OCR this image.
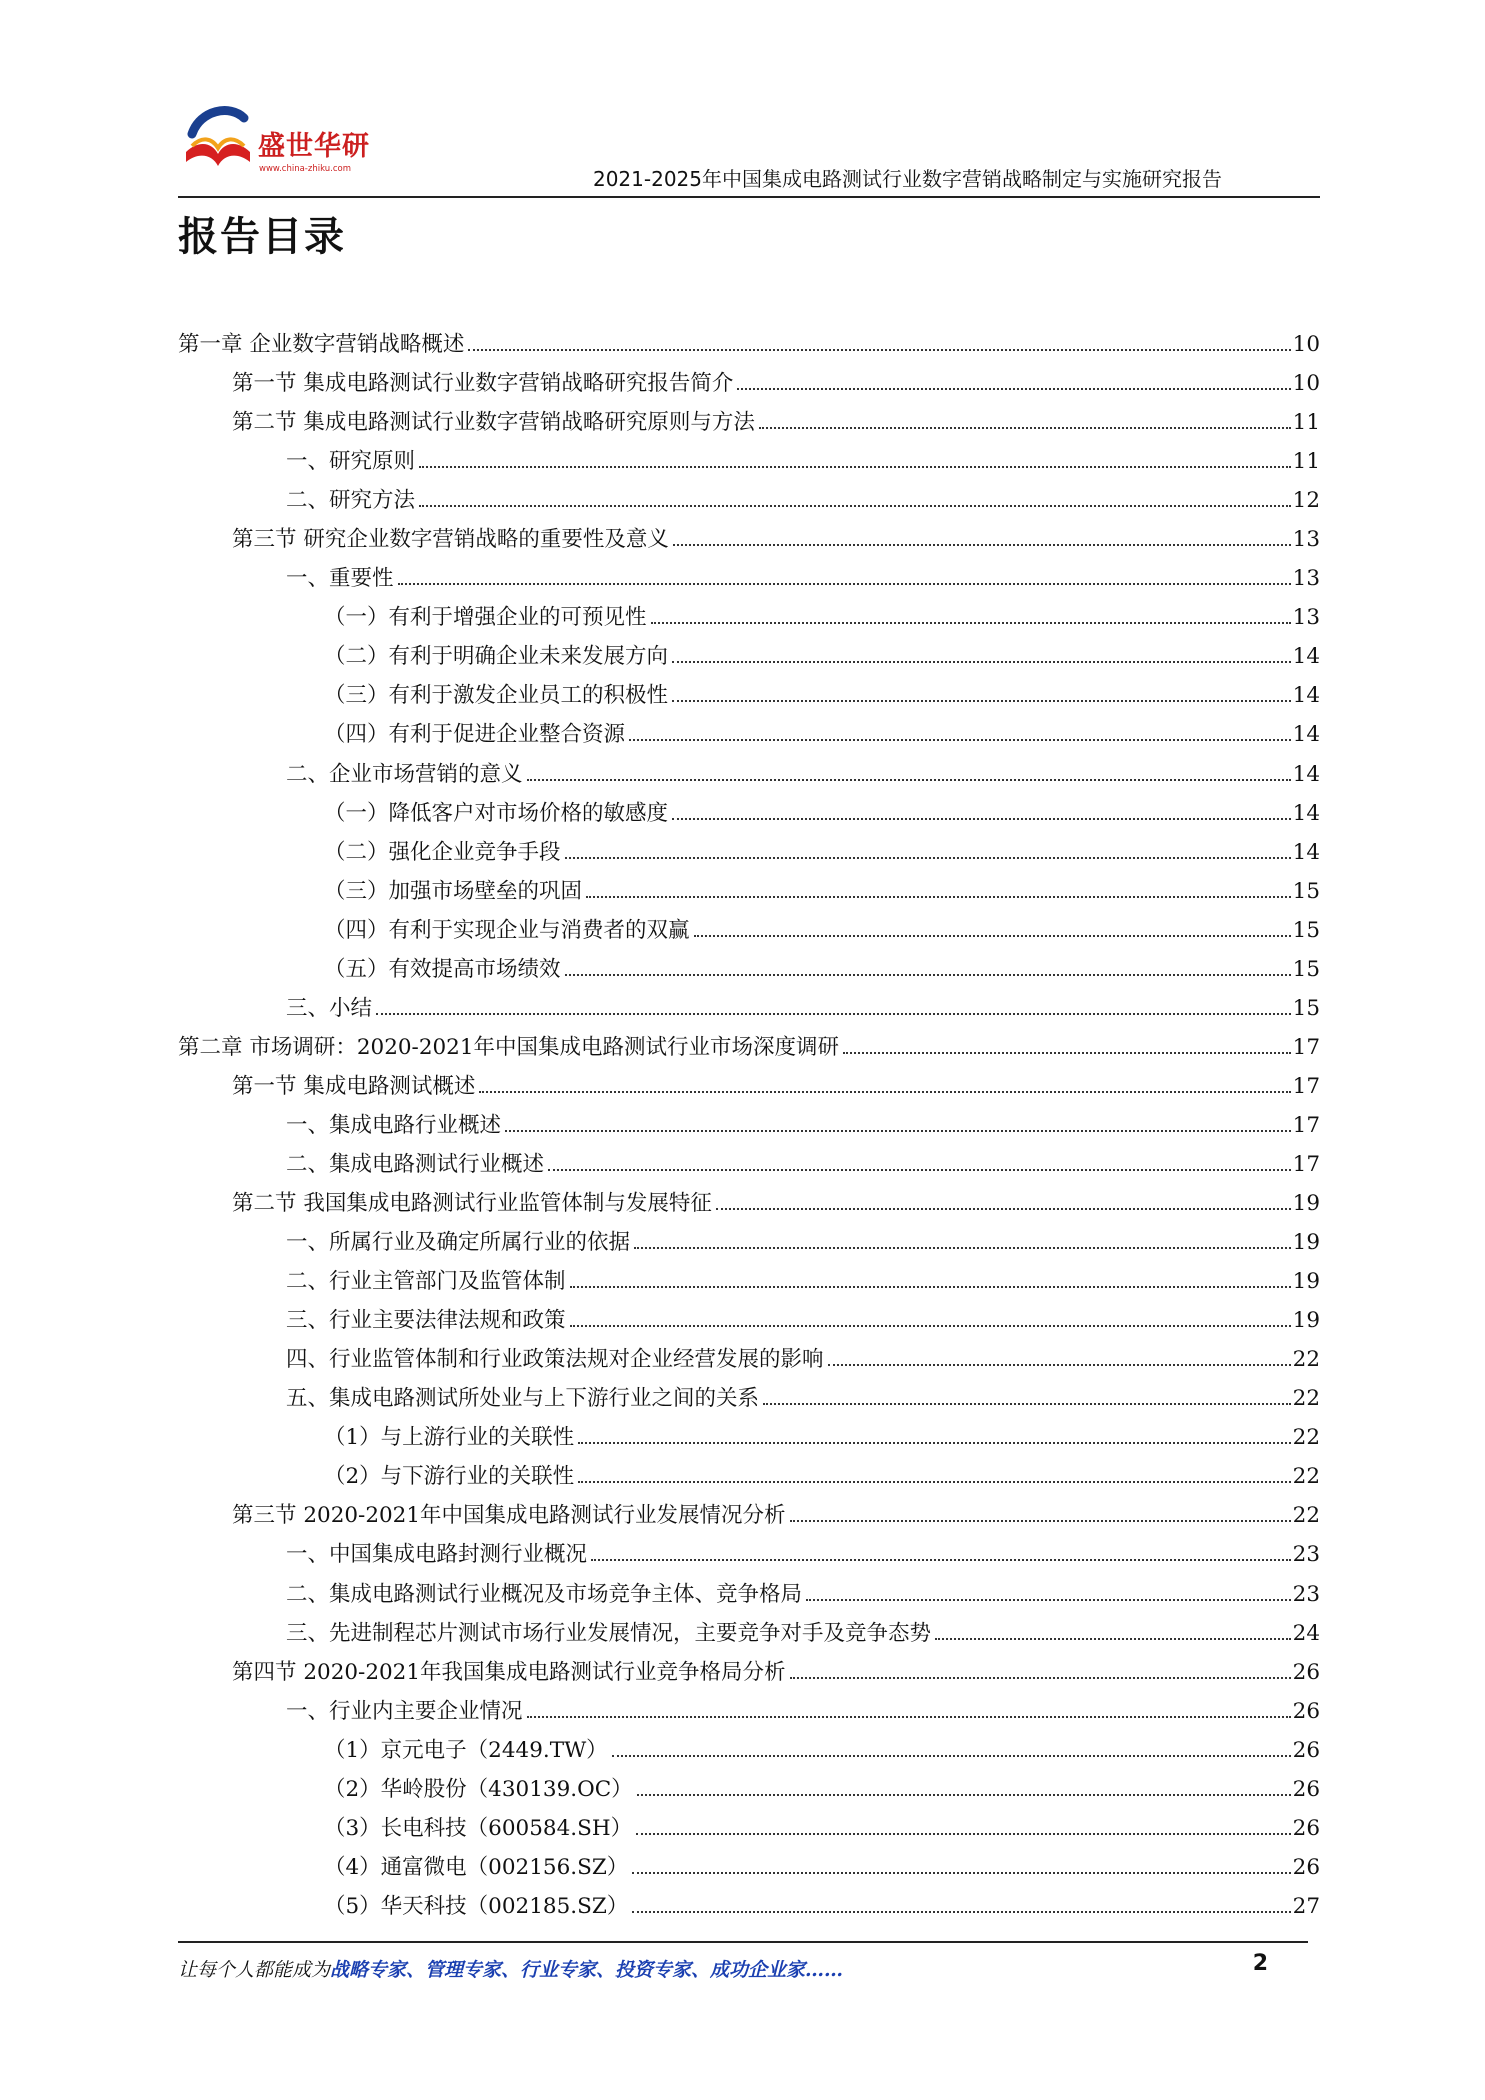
盛世华研
www.china-zhiku.com	2021-2025年中国集成电路测试行业数字营销战略制定与实施研究报告
报告目录
第一章 企业数字营销战略概述	10
第一节 集成电路测试行业数字营销战略研究报告简介	10
第二节 集成电路测试行业数字营销战略研究原则与方法	11
一、研究原则	11
二、研究方法	12
第三节 研究企业数字营销战略的重要性及意义	13
一、重要性	13
（一）有利于增强企业的可预见性	13
（二）有利于明确企业未来发展方向	14
（三）有利于激发企业员工的积极性	14
（四）有利于促进企业整合资源	14
二、企业市场营销的意义	14
（一）降低客户对市场价格的敏感度	14
（二）强化企业竞争手段	14
（三）加强市场壁垒的巩固	15
（四）有利于实现企业与消费者的双赢	15
（五）有效提高市场绩效	15
三、小结	15
第二章 市场调研：2020-2021年中国集成电路测试行业市场深度调研	17
第一节 集成电路测试概述	17
一、集成电路行业概述	17
二、集成电路测试行业概述	17
第二节 我国集成电路测试行业监管体制与发展特征	19
一、所属行业及确定所属行业的依据	19
二、行业主管部门及监管体制	19
三、行业主要法律法规和政策	19
四、行业监管体制和行业政策法规对企业经营发展的影响	22
五、集成电路测试所处业与上下游行业之间的关系	22
（1）与上游行业的关联性	22
（2）与下游行业的关联性	22
第三节 2020-2021年中国集成电路测试行业发展情况分析	22
一、中国集成电路封测行业概况	23
二、集成电路测试行业概况及市场竞争主体、竞争格局	23
三、先进制程芯片测试市场行业发展情况，主要竞争对手及竞争态势	24
第四节 2020-2021年我国集成电路测试行业竞争格局分析	26
一、行业内主要企业情况	26
（1）京元电子（2449.TW）	26
（2）华岭股份（430139.OC）	26
（3）长电科技（600584.SH）	26
（4）通富微电（002156.SZ）	26
（5）华天科技（002185.SZ）	27
让每个人都能成为战略专家、管理专家、行业专家、投资专家、成功企业家……	2
